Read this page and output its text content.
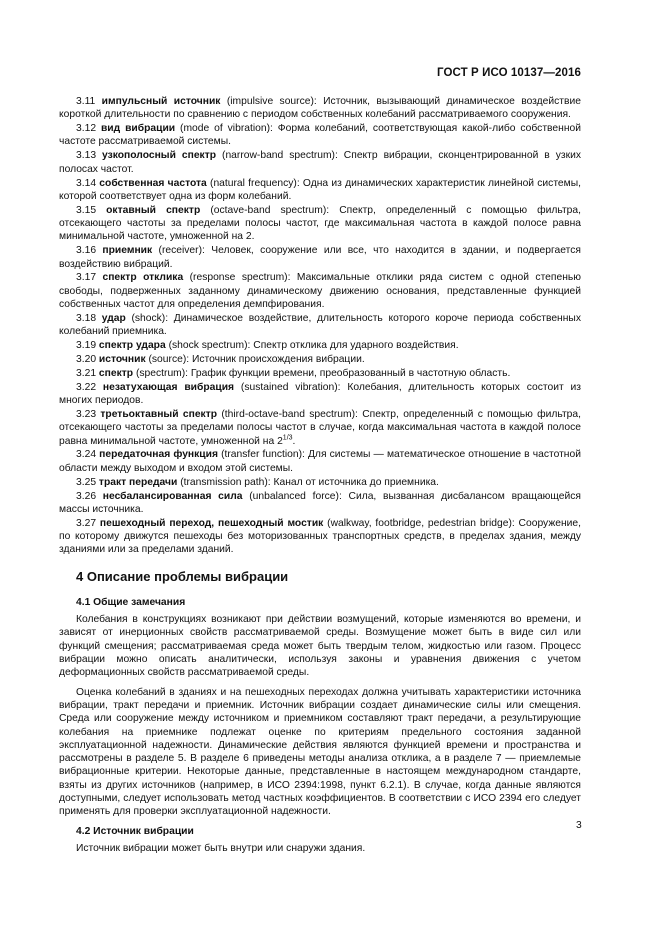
ГОСТ Р ИСО 10137—2016

3.11 импульсный источник (impulsive source): Источник, вызывающий динамическое воздействие короткой длительности по сравнению с периодом собственных колебаний рассматриваемого сооружения.

3.12 вид вибрации (mode of vibration): Форма колебаний, соответствующая какой-либо собственной частоте рассматриваемой системы.

3.13 узкополосный спектр (narrow-band spectrum): Спектр вибрации, сконцентрированной в узких полосах частот.

3.14 собственная частота (natural frequency): Одна из динамических характеристик линейной системы, которой соответствует одна из форм колебаний.

3.15 октавный спектр (octave-band spectrum): Спектр, определенный с помощью фильтра, отсекающего частоты за пределами полосы частот, где максимальная частота в каждой полосе равна минимальной частоте, умноженной на 2.

3.16 приемник (receiver): Человек, сооружение или все, что находится в здании, и подвергается воздействию вибраций.

3.17 спектр отклика (response spectrum): Максимальные отклики ряда систем с одной степенью свободы, подверженных заданному динамическому движению основания, представленные функцией собственных частот для определения демпфирования.

3.18 удар (shock): Динамическое воздействие, длительность которого короче периода собственных колебаний приемника.

3.19 спектр удара (shock spectrum): Спектр отклика для ударного воздействия.

3.20 источник (source): Источник происхождения вибрации.

3.21 спектр (spectrum): График функции времени, преобразованный в частотную область.

3.22 незатухающая вибрация (sustained vibration): Колебания, длительность которых состоит из многих периодов.

3.23 третьоктавный спектр (third-octave-band spectrum): Спектр, определенный с помощью фильтра, отсекающего частоты за пределами полосы частот в случае, когда максимальная частота в каждой полосе равна минимальной частоте, умноженной на $2^{1/3}$.

3.24 передаточная функция (transfer function): Для системы — математическое отношение в частотной области между выходом и входом этой системы.

3.25 тракт передачи (transmission path): Канал от источника до приемника.

3.26 несбалансированная сила (unbalanced force): Сила, вызванная дисбалансом вращающейся массы источника.

3.27 пешеходный переход, пешеходный мостик (walkway, footbridge, pedestrian bridge): Сооружение, по которому движутся пешеходы без моторизованных транспортных средств, в пределах здания, между зданиями или за пределами зданий.

4 Описание проблемы вибрации
4.1 Общие замечания

Колебания в конструкциях возникают при действии возмущений, которые изменяются во времени, и зависят от инерционных свойств рассматриваемой среды. Возмущение может быть в виде сил или функций смещения; рассматриваемая среда может быть твердым телом, жидкостью или газом. Процесс вибрации можно описать аналитически, используя законы и уравнения движения с учетом деформационных свойств рассматриваемой среды.

Оценка колебаний в зданиях и на пешеходных переходах должна учитывать характеристики источника вибрации, тракт передачи и приемник. Источник вибрации создает динамические силы или смещения. Среда или сооружение между источником и приемником составляют тракт передачи, а результирующие колебания на приемнике подлежат оценке по критериям предельного состояния заданной эксплуатационной надежности. Динамические действия являются функцией времени и пространства и рассмотрены в разделе 5. В разделе 6 приведены методы анализа отклика, а в разделе 7 — приемлемые вибрационные критерии. Некоторые данные, представленные в настоящем международном стандарте, взяты из других источников (например, в ИСО 2394:1998, пункт 6.2.1). В случае, когда данные являются доступными, следует использовать метод частных коэффициентов. В соответствии с ИСО 2394 его следует применять для проверки эксплуатационной надежности.

4.2 Источник вибрации

Источник вибрации может быть внутри или снаружи здания.

3
